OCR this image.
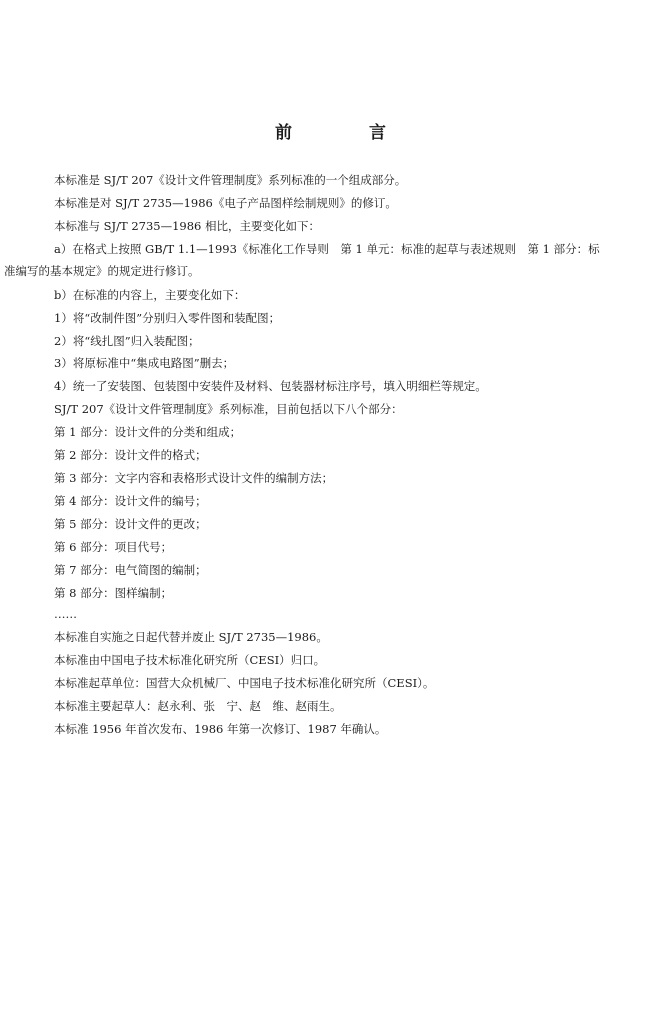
前　言
本标准是 SJ/T 207《设计文件管理制度》系列标准的一个组成部分。
本标准是对 SJ/T 2735—1986《电子产品图样绘制规则》的修订。
本标准与 SJ/T 2735—1986 相比，主要变化如下：
a）在格式上按照 GB/T 1.1—1993《标准化工作导则　第 1 单元：标准的起草与表述规则　第 1 部分：标
准编写的基本规定》的规定进行修订。
b）在标准的内容上，主要变化如下：
1）将“改制件图”分别归入零件图和装配图；
2）将“线扎图”归入装配图；
3）将原标准中“集成电路图”删去；
4）统一了安装图、包装图中安装件及材料、包装器材标注序号，填入明细栏等规定。
SJ/T 207《设计文件管理制度》系列标准，目前包括以下八个部分：
第 1 部分：设计文件的分类和组成；
第 2 部分：设计文件的格式；
第 3 部分：文字内容和表格形式设计文件的编制方法；
第 4 部分：设计文件的编号；
第 5 部分：设计文件的更改；
第 6 部分：项目代号；
第 7 部分：电气简图的编制；
第 8 部分：图样编制；
……
本标准自实施之日起代替并废止 SJ/T 2735—1986。
本标准由中国电子技术标准化研究所（CESI）归口。
本标准起草单位：国营大众机械厂、中国电子技术标准化研究所（CESI）。
本标准主要起草人：赵永利、张　宁、赵　维、赵雨生。
本标准 1956 年首次发布、1986 年第一次修订、1987 年确认。
